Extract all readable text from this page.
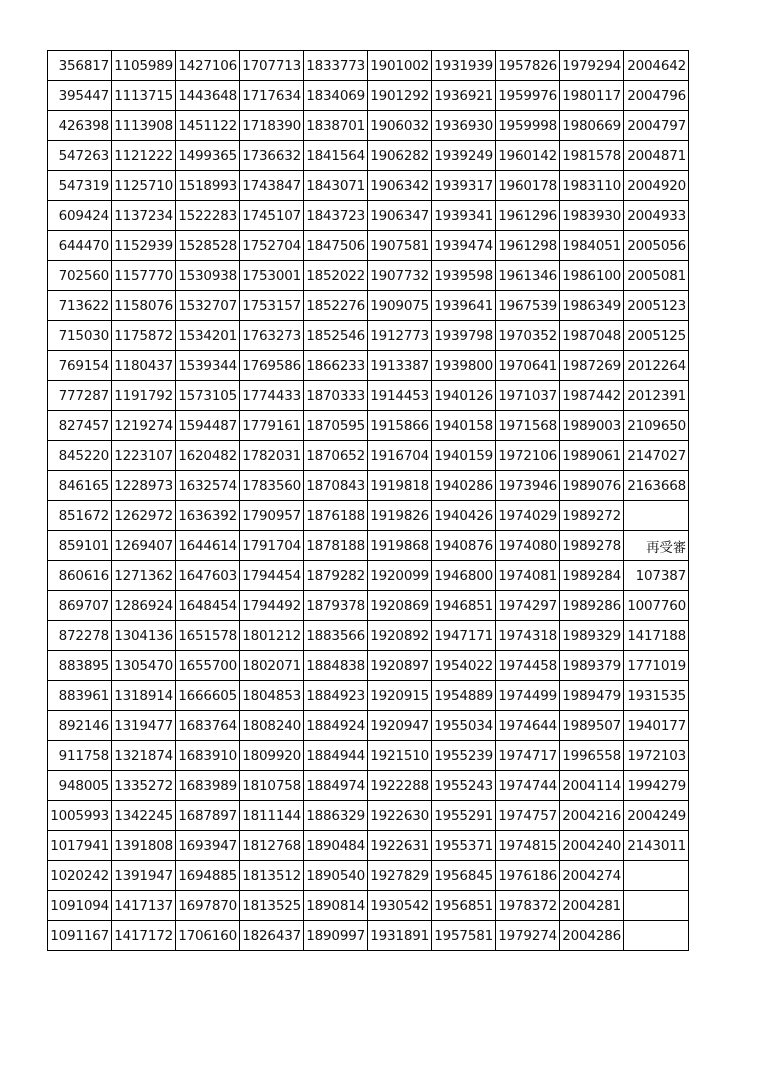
356817	1105989	1427106	1707713	1833773	1901002	1931939	1957826	1979294	2004642
395447	1113715	1443648	1717634	1834069	1901292	1936921	1959976	1980117	2004796
426398	1113908	1451122	1718390	1838701	1906032	1936930	1959998	1980669	2004797
547263	1121222	1499365	1736632	1841564	1906282	1939249	1960142	1981578	2004871
547319	1125710	1518993	1743847	1843071	1906342	1939317	1960178	1983110	2004920
609424	1137234	1522283	1745107	1843723	1906347	1939341	1961296	1983930	2004933
644470	1152939	1528528	1752704	1847506	1907581	1939474	1961298	1984051	2005056
702560	1157770	1530938	1753001	1852022	1907732	1939598	1961346	1986100	2005081
713622	1158076	1532707	1753157	1852276	1909075	1939641	1967539	1986349	2005123
715030	1175872	1534201	1763273	1852546	1912773	1939798	1970352	1987048	2005125
769154	1180437	1539344	1769586	1866233	1913387	1939800	1970641	1987269	2012264
777287	1191792	1573105	1774433	1870333	1914453	1940126	1971037	1987442	2012391
827457	1219274	1594487	1779161	1870595	1915866	1940158	1971568	1989003	2109650
845220	1223107	1620482	1782031	1870652	1916704	1940159	1972106	1989061	2147027
846165	1228973	1632574	1783560	1870843	1919818	1940286	1973946	1989076	2163668
851672	1262972	1636392	1790957	1876188	1919826	1940426	1974029	1989272	
859101	1269407	1644614	1791704	1878188	1919868	1940876	1974080	1989278	再受審
860616	1271362	1647603	1794454	1879282	1920099	1946800	1974081	1989284	107387
869707	1286924	1648454	1794492	1879378	1920869	1946851	1974297	1989286	1007760
872278	1304136	1651578	1801212	1883566	1920892	1947171	1974318	1989329	1417188
883895	1305470	1655700	1802071	1884838	1920897	1954022	1974458	1989379	1771019
883961	1318914	1666605	1804853	1884923	1920915	1954889	1974499	1989479	1931535
892146	1319477	1683764	1808240	1884924	1920947	1955034	1974644	1989507	1940177
911758	1321874	1683910	1809920	1884944	1921510	1955239	1974717	1996558	1972103
948005	1335272	1683989	1810758	1884974	1922288	1955243	1974744	2004114	1994279
1005993	1342245	1687897	1811144	1886329	1922630	1955291	1974757	2004216	2004249
1017941	1391808	1693947	1812768	1890484	1922631	1955371	1974815	2004240	2143011
1020242	1391947	1694885	1813512	1890540	1927829	1956845	1976186	2004274	
1091094	1417137	1697870	1813525	1890814	1930542	1956851	1978372	2004281	
1091167	1417172	1706160	1826437	1890997	1931891	1957581	1979274	2004286	
